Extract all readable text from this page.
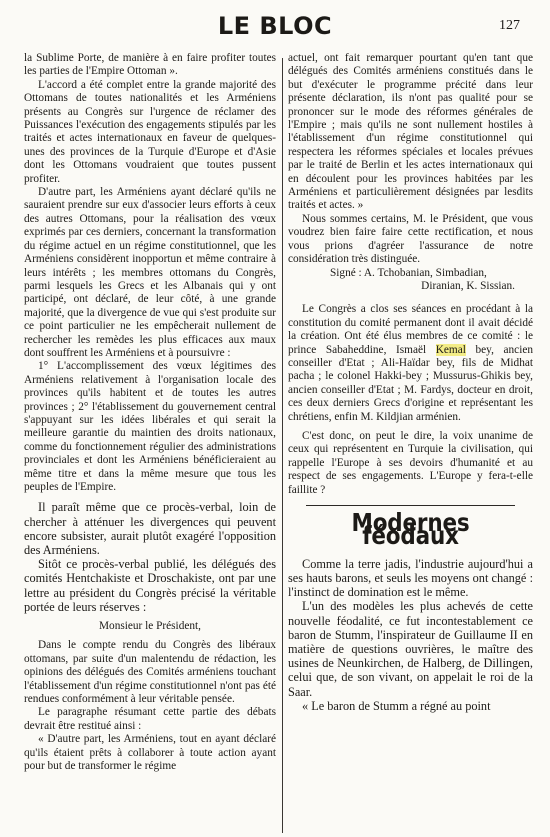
LE BLOC	127

la Sublime Porte, de manière à en faire profiter toutes les parties de l'Empire Ottoman ».

L'accord a été complet entre la grande majorité des Ottomans de toutes nationalités et les Arméniens présents au Congrès sur l'urgence de réclamer des Puissances l'exécution des engagements stipulés par les traités et actes internationaux en faveur de quelques-unes des provinces de la Turquie d'Europe et d'Asie dont les Ottomans voudraient que toutes pussent profiter.

D'autre part, les Arméniens ayant déclaré qu'ils ne sauraient prendre sur eux d'associer leurs efforts à ceux des autres Ottomans, pour la réalisation des vœux exprimés par ces derniers, concernant la transformation du régime actuel en un régime constitutionnel, que les Arméniens considèrent inopportun et même contraire à leurs intérêts ; les membres ottomans du Congrès, parmi lesquels les Grecs et les Albanais qui y ont participé, ont déclaré, de leur côté, à une grande majorité, que la divergence de vue qui s'est produite sur ce point particulier ne les empêcherait nullement de rechercher les remèdes les plus efficaces aux maux dont souffrent les Arméniens et à poursuivre :

1° L'accomplissement des vœux légitimes des Arméniens relativement à l'organisation locale des provinces qu'ils habitent et de toutes les autres provinces ; 2° l'établissement du gouvernement central s'appuyant sur les idées libérales et qui serait la meilleure garantie du maintien des droits nationaux, comme du fonctionnement régulier des administrations provinciales et dont les Arméniens bénéficieraient au même titre et dans la même mesure que tous les peuples de l'Empire.

Il paraît même que ce procès-verbal, loin de chercher à atténuer les divergences qui peuvent encore subsister, aurait plutôt exagéré l'opposition des Arméniens.

Sitôt ce procès-verbal publié, les délégués des comités Hentchakiste et Droschakiste, ont par une lettre au président du Congrès précisé la véritable portée de leurs réserves :

Monsieur le Président,

Dans le compte rendu du Congrès des libéraux ottomans, par suite d'un malentendu de rédaction, les opinions des délégués des Comités arméniens touchant l'établissement d'un régime constitutionnel n'ont pas été rendues conformément à leur véritable pensée.

Le paragraphe résumant cette partie des débats devrait être restitué ainsi :

« D'autre part, les Arméniens, tout en ayant déclaré qu'ils étaient prêts à collaborer à toute action ayant pour but de transformer le régime

actuel, ont fait remarquer pourtant qu'en tant que délégués des Comités arméniens constitués dans le but d'exécuter le programme précité dans leur présente déclaration, ils n'ont pas qualité pour se prononcer sur le mode des réformes générales de l'Empire ; mais qu'ils ne sont nullement hostiles à l'établissement d'un régime constitutionnel qui respectera les réformes spéciales et locales prévues par le traité de Berlin et les actes internationaux qui en découlent pour les provinces habitées par les Arméniens et particulièrement désignées par lesdits traités et actes. »

Nous sommes certains, M. le Président, que vous voudrez bien faire faire cette rectification, et nous vous prions d'agréer l'assurance de notre considération très distinguée.

Signé : A. Tchobanian, Simbadian,

Diranian, K. Sissian.

Le Congrès a clos ses séances en procédant à la constitution du comité permanent dont il avait décidé la création. Ont été élus membres de ce comité : le prince Sabaheddine, Ismaël Kemal bey, ancien conseiller d'Etat ; Ali-Haïdar bey, fils de Midhat pacha ; le colonel Hakki-bey ; Mussurus-Ghikis bey, ancien conseiller d'Etat ; M. Fardys, docteur en droit, ces deux derniers Grecs d'origine et représentant les chrétiens, enfin M. Kildjian arménien.

C'est donc, on peut le dire, la voix unanime de ceux qui représentent en Turquie la civilisation, qui rappelle l'Europe à ses devoirs d'humanité et au respect de ses engagements. L'Europe y fera-t-elle faillite ?

Modernes féodaux

Comme la terre jadis, l'industrie aujourd'hui a ses hauts barons, et seuls les moyens ont changé : l'instinct de domination est le même.

L'un des modèles les plus achevés de cette nouvelle féodalité, ce fut incontestablement ce baron de Stumm, l'inspirateur de Guillaume II en matière de questions ouvrières, le maître des usines de Neunkirchen, de Halberg, de Dillingen, celui que, de son vivant, on appelait le roi de la Saar.

« Le baron de Stumm a régné au point
